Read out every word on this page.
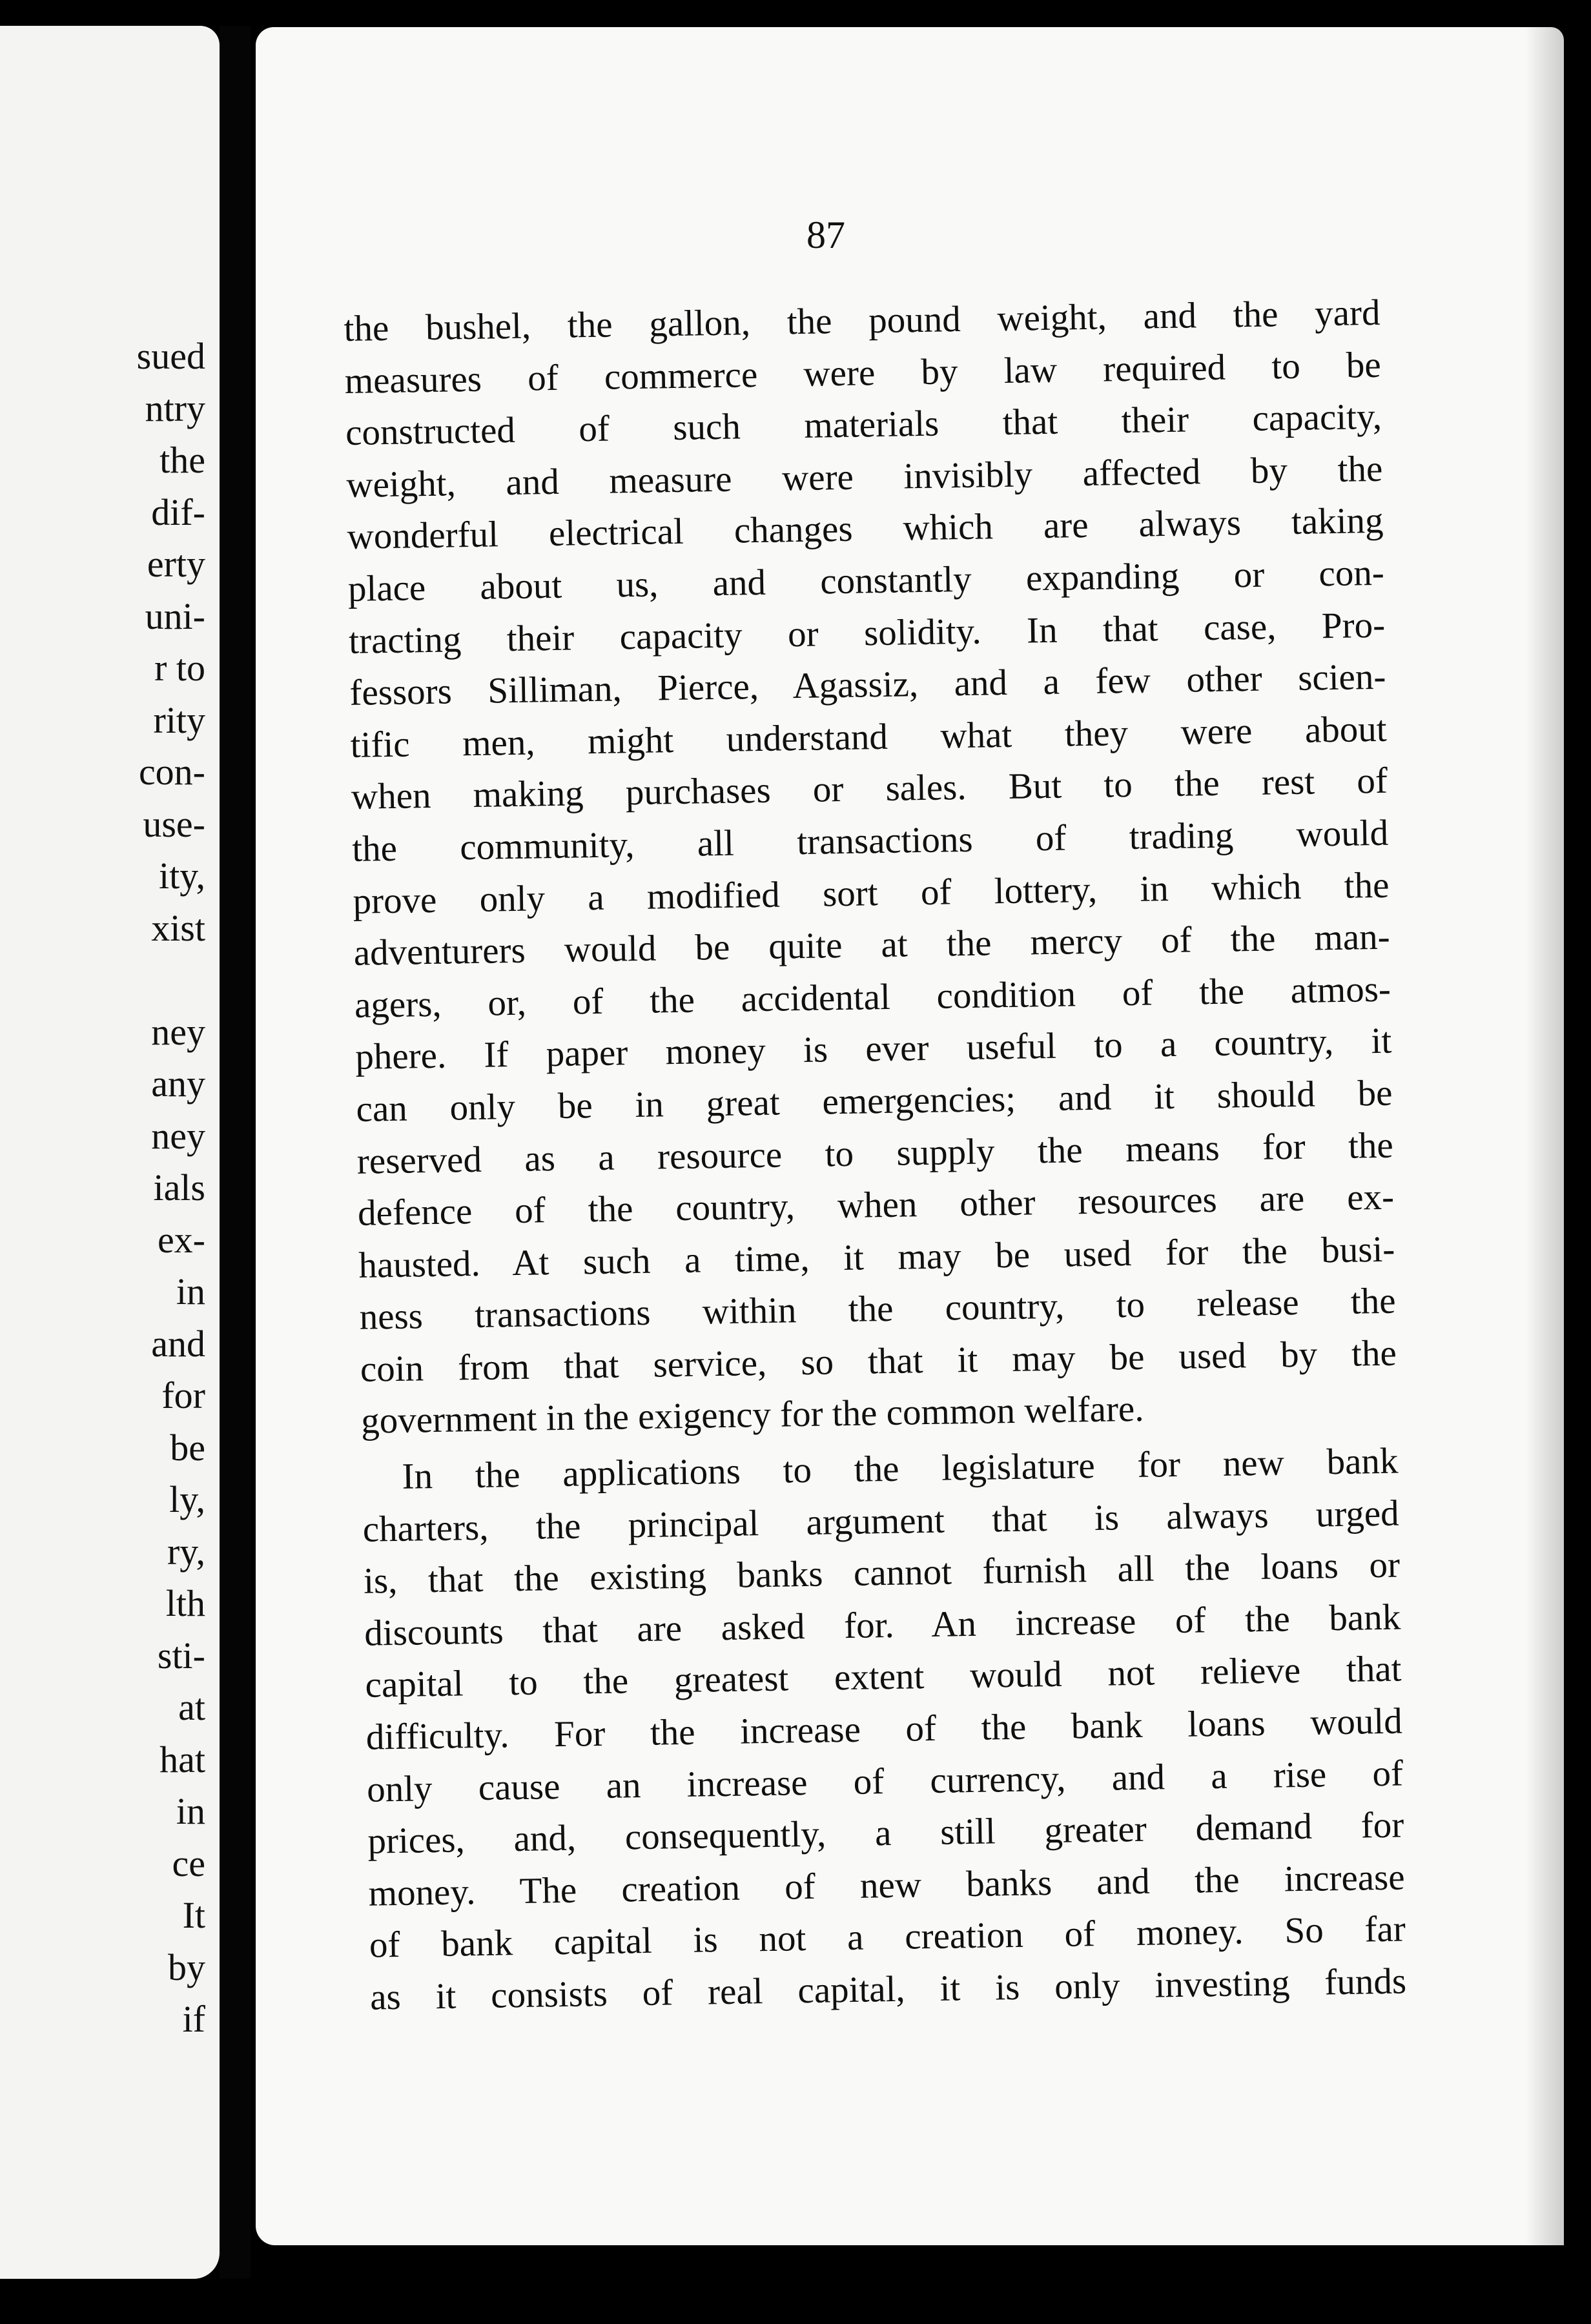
sued
ntry
the
dif-
erty
uni-
r to
rity
con-
use-
ity,
xist
ney
any
ney
ials
ex-
in
and
for
be
ly,
ry,
lth
sti-
at
hat
in
ce
It
by
if
87
the bushel, the gallon, the pound weight, and the yard
measures of commerce were by law required to be
constructed of such materials that their capacity,
weight, and measure were invisibly affected by the
wonderful electrical changes which are always taking
place about us, and constantly expanding or con-
tracting their capacity or solidity. In that case, Pro-
fessors Silliman, Pierce, Agassiz, and a few other scien-
tific men, might understand what they were about
when making purchases or sales. But to the rest of
the community, all transactions of trading would
prove only a modified sort of lottery, in which the
adventurers would be quite at the mercy of the man-
agers, or, of the accidental condition of the atmos-
phere. If paper money is ever useful to a country, it
can only be in great emergencies; and it should be
reserved as a resource to supply the means for the
defence of the country, when other resources are ex-
hausted. At such a time, it may be used for the busi-
ness transactions within the country, to release the
coin from that service, so that it may be used by the
government in the exigency for the common welfare.
In the applications to the legislature for new bank
charters, the principal argument that is always urged
is, that the existing banks cannot furnish all the loans or
discounts that are asked for. An increase of the bank
capital to the greatest extent would not relieve that
difficulty. For the increase of the bank loans would
only cause an increase of currency, and a rise of
prices, and, consequently, a still greater demand for
money. The creation of new banks and the increase
of bank capital is not a creation of money. So far
as it consists of real capital, it is only investing funds
